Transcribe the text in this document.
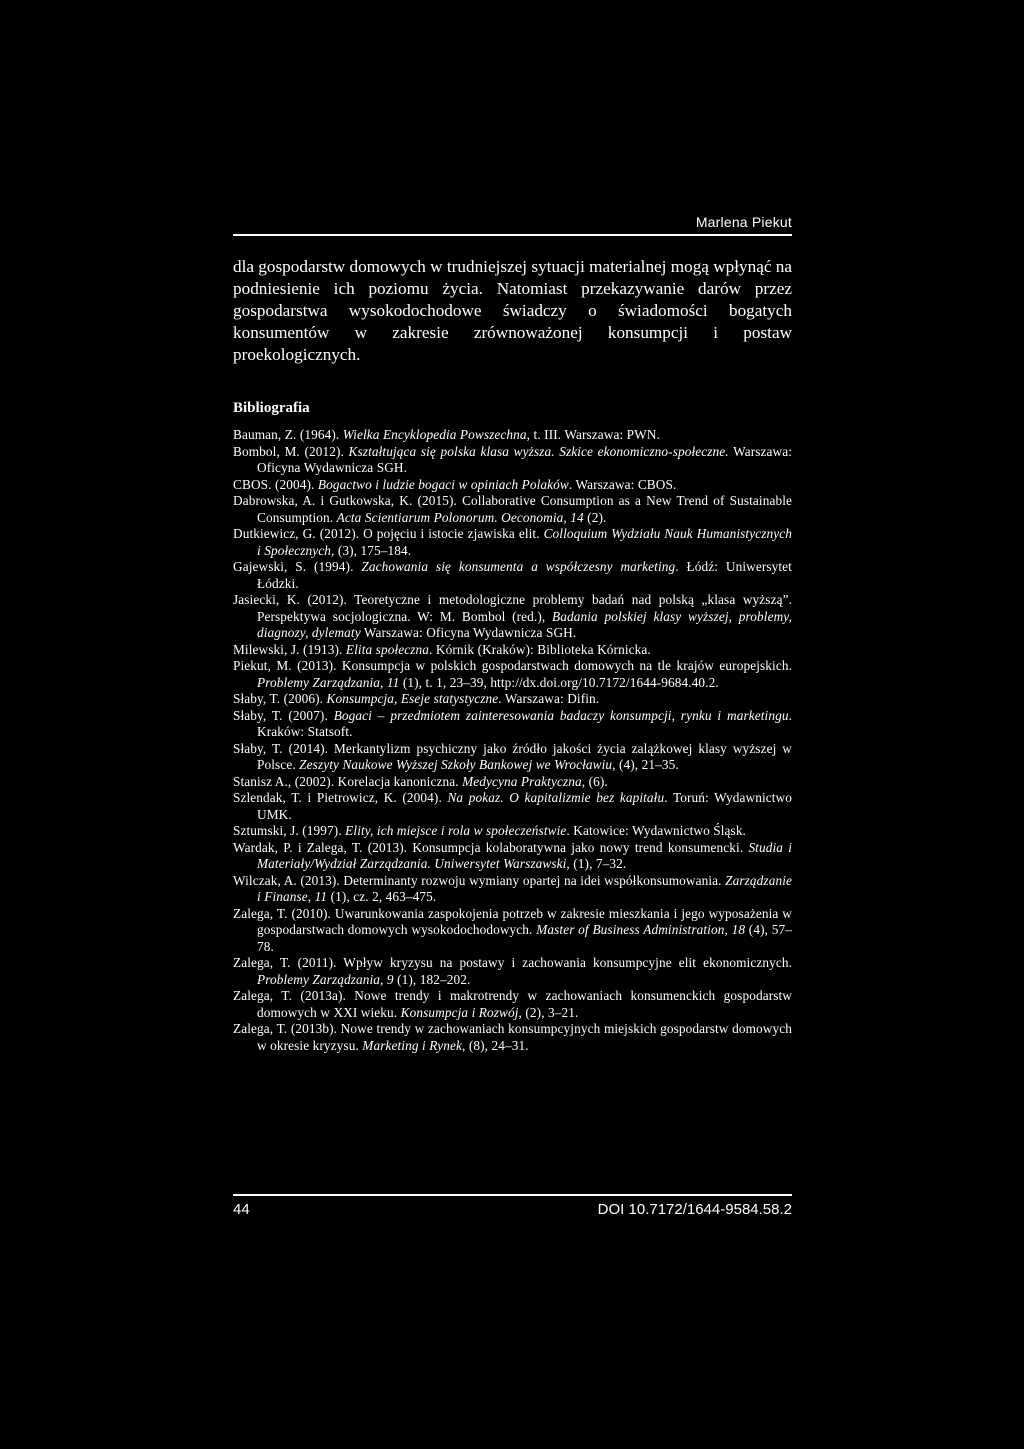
Marlena Piekut

dla gospodarstw domowych w trudniejszej sytuacji materialnej mogą wpłynąć na podniesienie ich poziomu życia. Natomiast przekazywanie darów przez gospodarstwa wysokodochodowe świadczy o świadomości bogatych konsumentów w zakresie zrównoważonej konsumpcji i postaw proekologicznych.

Bibliografia
Bauman, Z. (1964). Wielka Encyklopedia Powszechna, t. III. Warszawa: PWN.
Bombol, M. (2012). Kształtująca się polska klasa wyższa. Szkice ekonomiczno-społeczne. Warszawa: Oficyna Wydawnicza SGH.
CBOS. (2004). Bogactwo i ludzie bogaci w opiniach Polaków. Warszawa: CBOS.
Dabrowska, A. i Gutkowska, K. (2015). Collaborative Consumption as a New Trend of Sustainable Consumption. Acta Scientiarum Polonorum. Oeconomia, 14 (2).
Dutkiewicz, G. (2012). O pojęciu i istocie zjawiska elit. Colloquium Wydziału Nauk Humanistycznych i Społecznych, (3), 175–184.
Gajewski, S. (1994). Zachowania się konsumenta a współczesny marketing. Łódź: Uniwersytet Łódzki.
Jasiecki, K. (2012). Teoretyczne i metodologiczne problemy badań nad polską „klasa wyższą”. Perspektywa socjologiczna. W: M. Bombol (red.), Badania polskiej klasy wyższej, problemy, diagnozy, dylematy Warszawa: Oficyna Wydawnicza SGH.
Milewski, J. (1913). Elita społeczna. Kórnik (Kraków): Biblioteka Kórnicka.
Piekut, M. (2013). Konsumpcja w polskich gospodarstwach domowych na tle krajów europejskich. Problemy Zarządzania, 11 (1), t. 1, 23–39, http://dx.doi.org/10.7172/1644-9684.40.2.
Słaby, T. (2006). Konsumpcja, Eseje statystyczne. Warszawa: Difin.
Słaby, T. (2007). Bogaci – przedmiotem zainteresowania badaczy konsumpcji, rynku i marketingu. Kraków: Statsoft.
Słaby, T. (2014). Merkantylizm psychiczny jako źródło jakości życia zalążkowej klasy wyższej w Polsce. Zeszyty Naukowe Wyższej Szkoły Bankowej we Wrocławiu, (4), 21–35.
Stanisz A., (2002). Korelacja kanoniczna. Medycyna Praktyczna, (6).
Szlendak, T. i Pietrowicz, K. (2004). Na pokaz. O kapitalizmie bez kapitału. Toruń: Wydawnictwo UMK.
Sztumski, J. (1997). Elity, ich miejsce i rola w społeczeństwie. Katowice: Wydawnictwo Śląsk.
Wardak, P. i Zalega, T. (2013). Konsumpcja kolaboratywna jako nowy trend konsumencki. Studia i Materiały/Wydział Zarządzania. Uniwersytet Warszawski, (1), 7–32.
Wilczak, A. (2013). Determinanty rozwoju wymiany opartej na idei współkonsumowania. Zarządzanie i Finanse, 11 (1), cz. 2, 463–475.
Zalega, T. (2010). Uwarunkowania zaspokojenia potrzeb w zakresie mieszkania i jego wyposażenia w gospodarstwach domowych wysokodochodowych. Master of Business Administration, 18 (4), 57–78.
Zalega, T. (2011). Wpływ kryzysu na postawy i zachowania konsumpcyjne elit ekonomicznych. Problemy Zarządzania, 9 (1), 182–202.
Zalega, T. (2013a). Nowe trendy i makrotrendy w zachowaniach konsumenckich gospodarstw domowych w XXI wieku. Konsumpcja i Rozwój, (2), 3–21.
Zalega, T. (2013b). Nowe trendy w zachowaniach konsumpcyjnych miejskich gospodarstw domowych w okresie kryzysu. Marketing i Rynek, (8), 24–31.
44	DOI 10.7172/1644-9584.58.2
